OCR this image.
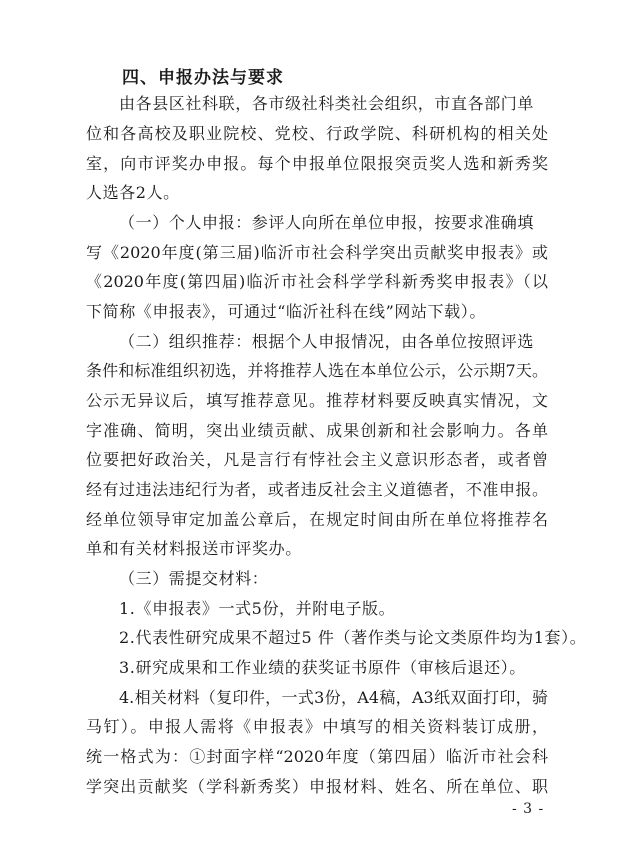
四、申报办法与要求
由各县区社科联，各市级社科类社会组织，市直各部门单
位和各高校及职业院校、党校、行政学院、科研机构的相关处
室，向市评奖办申报。每个申报单位限报突贡奖人选和新秀奖
人选各2人。
（一）个人申报：参评人向所在单位申报，按要求准确填
写《2020年度(第三届)临沂市社会科学突出贡献奖申报表》或
《2020年度(第四届)临沂市社会科学学科新秀奖申报表》（以
下简称《申报表》，可通过“临沂社科在线”网站下载）。
（二）组织推荐：根据个人申报情况，由各单位按照评选
条件和标准组织初选，并将推荐人选在本单位公示，公示期7天。
公示无异议后，填写推荐意见。推荐材料要反映真实情况，文
字准确、简明，突出业绩贡献、成果创新和社会影响力。各单
位要把好政治关，凡是言行有悖社会主义意识形态者，或者曾
经有过违法违纪行为者，或者违反社会主义道德者，不准申报。
经单位领导审定加盖公章后，在规定时间由所在单位将推荐名
单和有关材料报送市评奖办。
（三）需提交材料：
1.《申报表》一式5份，并附电子版。
2.代表性研究成果不超过5 件（著作类与论文类原件均为1套）。
3.研究成果和工作业绩的获奖证书原件（审核后退还）。
4.相关材料（复印件，一式3份，A4稿，A3纸双面打印，骑
马钉）。申报人需将《申报表》中填写的相关资料装订成册，
统一格式为：①封面字样“2020年度（第四届）临沂市社会科
学突出贡献奖（学科新秀奖）申报材料、姓名、所在单位、职
- 3 -
